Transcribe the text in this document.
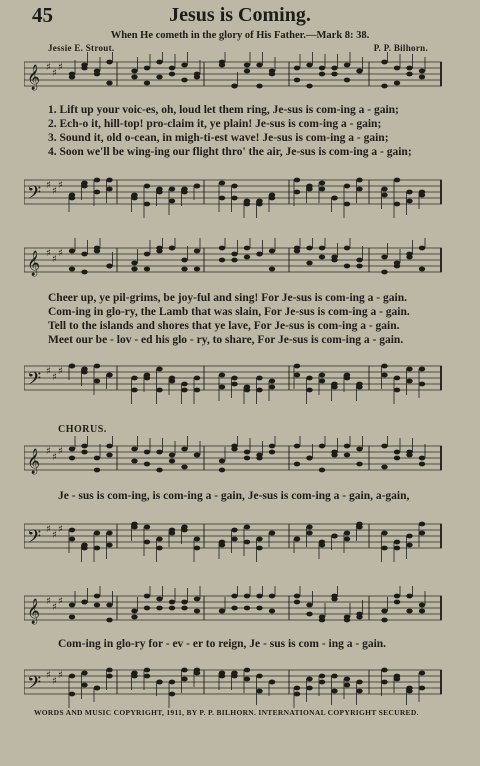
45	Jesus is Coming.
When He cometh in the glory of His Father.—Mark 8: 38.
Jessie E. Strout.	P. P. Bilhorn.
𝄞 ♯
♯
♯
1. Lift up your voic-es, oh, loud let them ring, Je-sus is com-ing a - gain;
2. Ech-o it, hill-top! pro-claim it, ye plain! Je-sus is com-ing a - gain;
3. Sound it, old o-cean, in migh-ti-est wave! Je-sus is com-ing a - gain;
4. Soon we'll be wing-ing our flight thro' the air, Je-sus is com-ing a - gain;
𝄢 ♯
♯
♯
𝄞 ♯
♯
♯
Cheer up, ye pil-grims, be joy-ful and sing! For Je-sus is com-ing a - gain.
Com-ing in glo-ry, the Lamb that was slain, For Je-sus is com-ing a - gain.
Tell to the islands and shores that ye lave, For Je-sus is com-ing a - gain.
Meet our be - lov - ed his glo - ry, to share, For Je-sus is com-ing a - gain.
𝄢 ♯
♯
♯
CHORUS.
𝄞 ♯
♯
♯
Je - sus is com-ing, is com-ing a - gain, Je-sus is com-ing a - gain, a-gain,
𝄢 ♯
♯
♯
𝄞 ♯
♯
♯
Com-ing in glo-ry for - ev - er to reign, Je - sus is com - ing a - gain.
𝄢 ♯
♯
♯
WORDS AND MUSIC COPYRIGHT, 1911, BY P. P. BILHORN. INTERNATIONAL COPYRIGHT SECURED.
